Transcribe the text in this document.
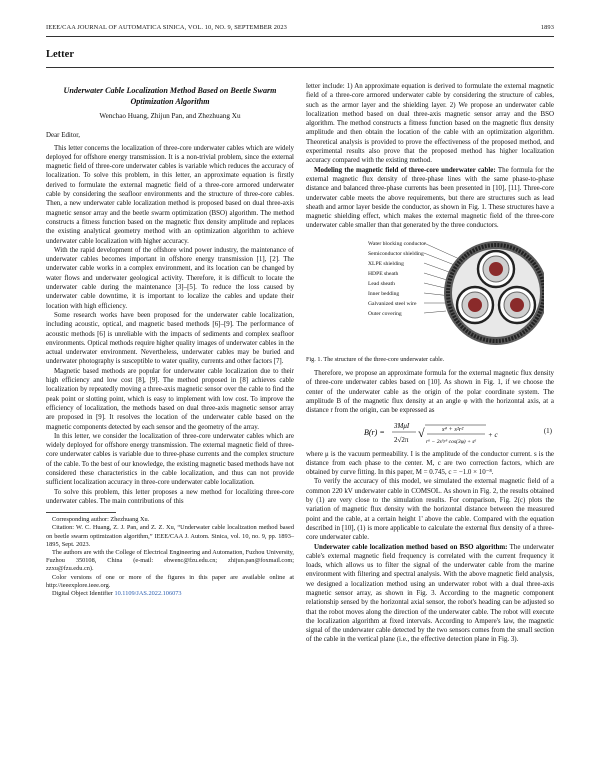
IEEE/CAA JOURNAL OF AUTOMATICA SINICA, VOL. 10, NO. 9, SEPTEMBER 2023	1893
Letter
Underwater Cable Localization Method Based on Beetle Swarm Optimization Algorithm
Wenchao Huang, Zhijun Pan, and Zhezhuang Xu
Dear Editor,

This letter concerns the localization of three-core underwater cables which are widely deployed for offshore energy transmission. It is a non-trivial problem, since the external magnetic field of three-core underwater cables is variable which reduces the accuracy of localization. To solve this problem, in this letter, an approximate equation is firstly derived to formulate the external magnetic field of a three-core armored underwater cable by considering the seafloor environments and the structure of three-core cables. Then, a new underwater cable localization method is proposed based on dual three-axis magnetic sensor array and the beetle swarm optimization (BSO) algorithm. The method constructs a fitness function based on the magnetic flux density amplitude and replaces the existing analytical geometry method with an optimization algorithm to achieve underwater cable localization with higher accuracy.

With the rapid development of the offshore wind power industry, the maintenance of underwater cables becomes important in offshore energy transmission [1], [2]. The underwater cable works in a complex environment, and its location can be changed by water flows and underwater geological activity. Therefore, it is difficult to locate the underwater cable during the maintenance [3]–[5]. To reduce the loss caused by underwater cable downtime, it is important to localize the cables and update their location with high efficiency.

Some research works have been proposed for the underwater cable localization, including acoustic, optical, and magnetic based methods [6]–[9]. The performance of acoustic methods [6] is unreliable with the impacts of sediments and complex seafloor environments. Optical methods require higher quality images of underwater cables in the actual underwater environment. Nevertheless, underwater cables may be buried and underwater photography is susceptible to water quality, currents and other factors [7].

Magnetic based methods are popular for underwater cable localization due to their high efficiency and low cost [8], [9]. The method proposed in [8] achieves cable localization by repeatedly moving a three-axis magnetic sensor over the cable to find the peak point or slotting point, which is easy to implement with low cost. To improve the efficiency of localization, the methods based on dual three-axis magnetic sensor array are proposed in [9]. It resolves the location of the underwater cable based on the magnetic components detected by each sensor and the geometry of the array.

In this letter, we consider the localization of three-core underwater cables which are widely deployed for offshore energy transmission. The external magnetic field of three-core underwater cables is variable due to three-phase currents and the complex structure of the cable. To the best of our knowledge, the existing magnetic based methods have not considered these characteristics in the cable localization, and thus can not provide sufficient localization accuracy in three-core underwater cable localization.

To solve this problem, this letter proposes a new method for localizing three-core underwater cables. The main contributions of this

Corresponding author: Zhezhuang Xu.

Citation: W. C. Huang, Z. J. Pan, and Z. Z. Xu, “Underwater cable localization method based on beetle swarm optimization algorithm,” IEEE/CAA J. Autom. Sinica, vol. 10, no. 9, pp. 1893–1895, Sept. 2023.

The authors are with the College of Electrical Engineering and Automation, Fuzhou University, Fuzhou 350108, China (e-mail: ehwenc@fzu.edu.cn; zhijun.pan@foxmail.com; zzxu@fzu.edu.cn).

Color versions of one or more of the figures in this paper are available online at http://ieeexplore.ieee.org.

Digital Object Identifier 10.1109/JAS.2022.106073

letter include: 1) An approximate equation is derived to formulate the external magnetic field of a three-core armored underwater cable by considering the structure of cables, such as the armor layer and the shielding layer. 2) We propose an underwater cable localization method based on dual three-axis magnetic sensor array and the BSO algorithm. The method constructs a fitness function based on the magnetic flux density amplitude and then obtain the location of the cable with an optimization algorithm. Theoretical analysis is provided to prove the effectiveness of the proposed method, and experimental results also prove that the proposed method has higher localization accuracy compared with the existing method.

Modeling the magnetic field of three-core underwater cable: The formula for the external magnetic flux density of three-phase lines with the same phase-to-phase distance and balanced three-phase currents has been presented in [10], [11]. Three-core underwater cable meets the above requirements, but there are structures such as lead sheath and armor layer beside the conductor, as shown in Fig. 1. These structures have a magnetic shielding effect, which makes the external magnetic field of the three-core underwater cable smaller than that generated by the three conductors.

Water blocking conductor
Semiconductor shielding
XLPE shielding
HDPE sheath
Lead sheath
Inner bedding
Galvanized steel wire
Outer covering
Fig. 1. The structure of the three-core underwater cable.

Therefore, we propose an approximate formula for the external magnetic flux density of three-core underwater cables based on [10]. As shown in Fig. 1, if we choose the center of the underwater cable as the origin of the polar coordinate system. The amplitude B of the magnetic flux density at an angle φ with the horizontal axis, at a distance r from the origin, can be expressed as

B(r) =
3MμI
2√2π √	s⁴ + s²r²
r⁶ − 2s³r³ cos(3φ) + s⁶
+ c	(1)

where μ is the vacuum permeability. I is the amplitude of the conductor current. s is the distance from each phase to the center. M, c are two correction factors, which are obtained by curve fitting. In this paper, M = 0.745, c = −1.0 × 10⁻⁸.

To verify the accuracy of this model, we simulated the external magnetic field of a common 220 kV underwater cable in COMSOL. As shown in Fig. 2, the results obtained by (1) are very close to the simulation results. For comparison, Fig. 2(c) plots the variation of magnetic flux density with the horizontal distance between the measured point and the cable, at a certain height 1' above the cable. Compared with the equation described in [10], (1) is more applicable to calculate the external flux density of a three-core underwater cable.

Underwater cable localization method based on BSO algorithm: The underwater cable's external magnetic field frequency is correlated with the current frequency it loads, which allows us to filter the signal of the underwater cable from the marine environment with filtering and spectral analysis. With the above magnetic field analysis, we designed a localization method using an underwater robot with a dual three-axis magnetic sensor array, as shown in Fig. 3. According to the magnetic component relationship sensed by the horizontal axial sensor, the robot's heading can be adjusted so that the robot moves along the direction of the underwater cable. The robot will execute the localization algorithm at fixed intervals. According to Ampere's law, the magnetic signal of the underwater cable detected by the two sensors comes from the small section of the cable in the vertical plane (i.e., the effective detection plane in Fig. 3).
